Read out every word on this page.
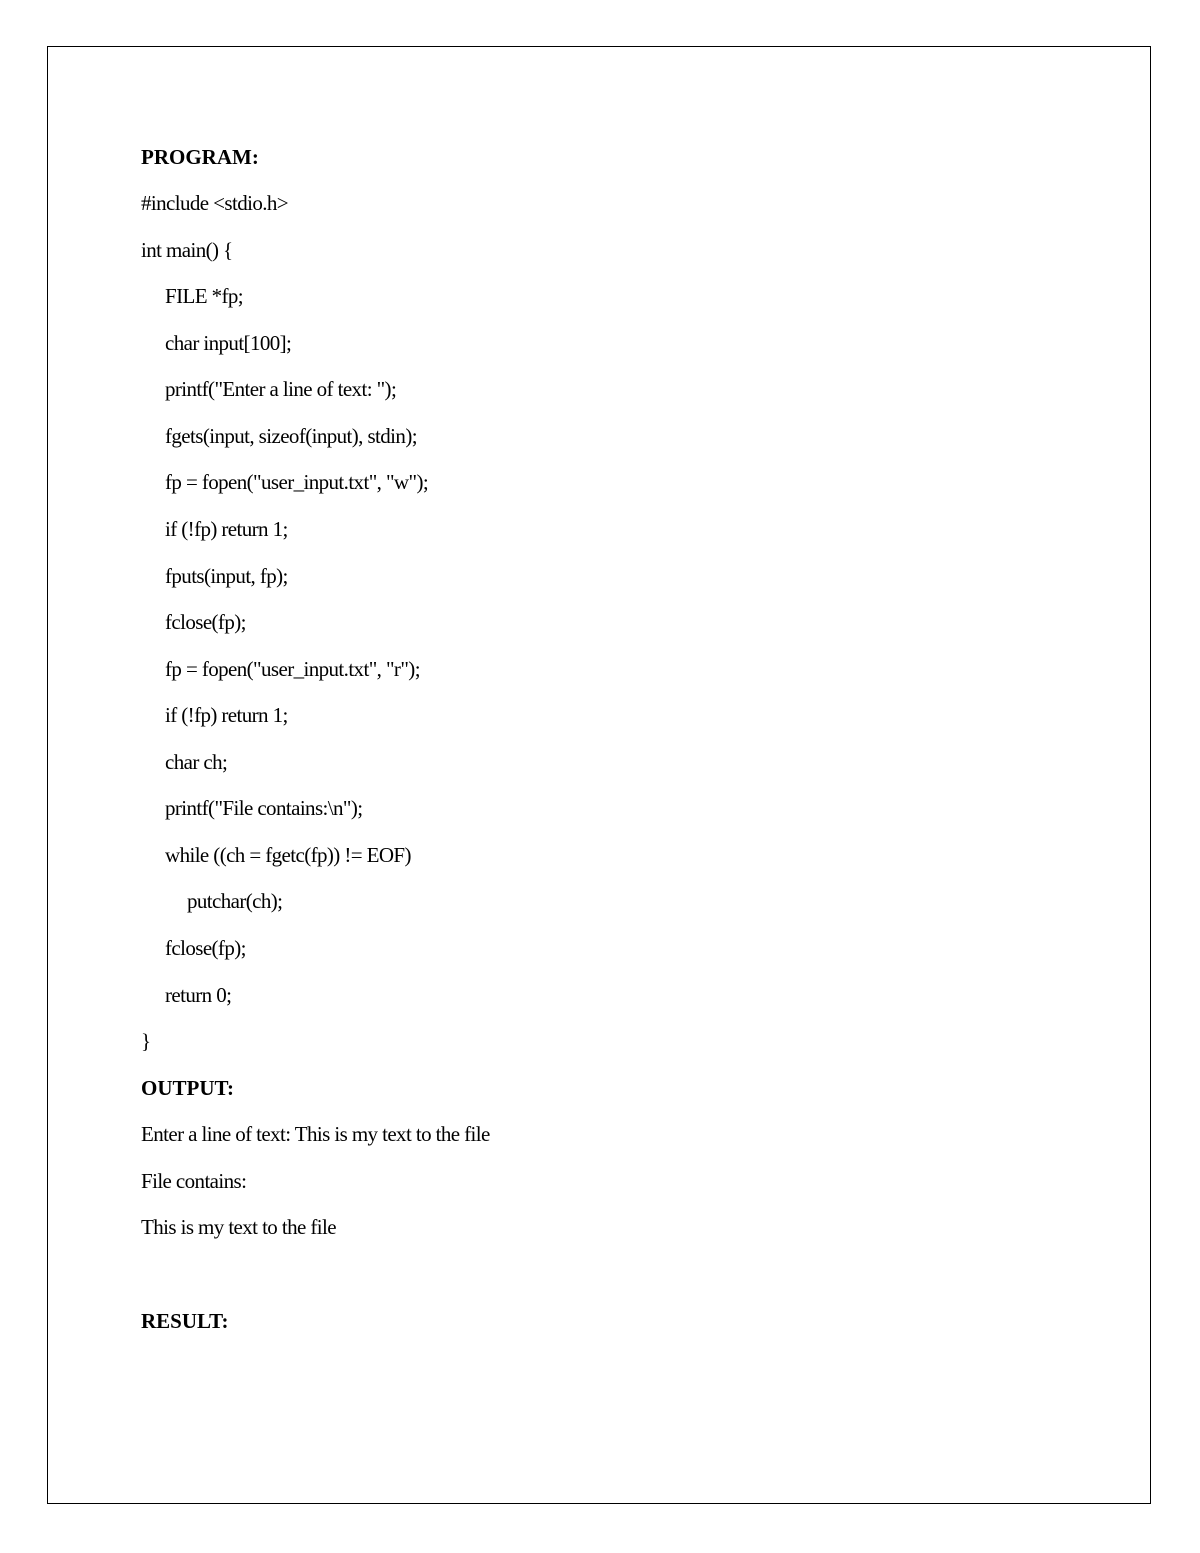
PROGRAM:
#include <stdio.h>
int main() {
FILE *fp;
char input[100];
printf("Enter a line of text: ");
fgets(input, sizeof(input), stdin);
fp = fopen("user_input.txt", "w");
if (!fp) return 1;
fputs(input, fp);
fclose(fp);
fp = fopen("user_input.txt", "r");
if (!fp) return 1;
char ch;
printf("File contains:\n");
while ((ch = fgetc(fp)) != EOF)
putchar(ch);
fclose(fp);
return 0;
}
OUTPUT:
Enter a line of text: This is my text to the file
File contains:
This is my text to the file
RESULT:
